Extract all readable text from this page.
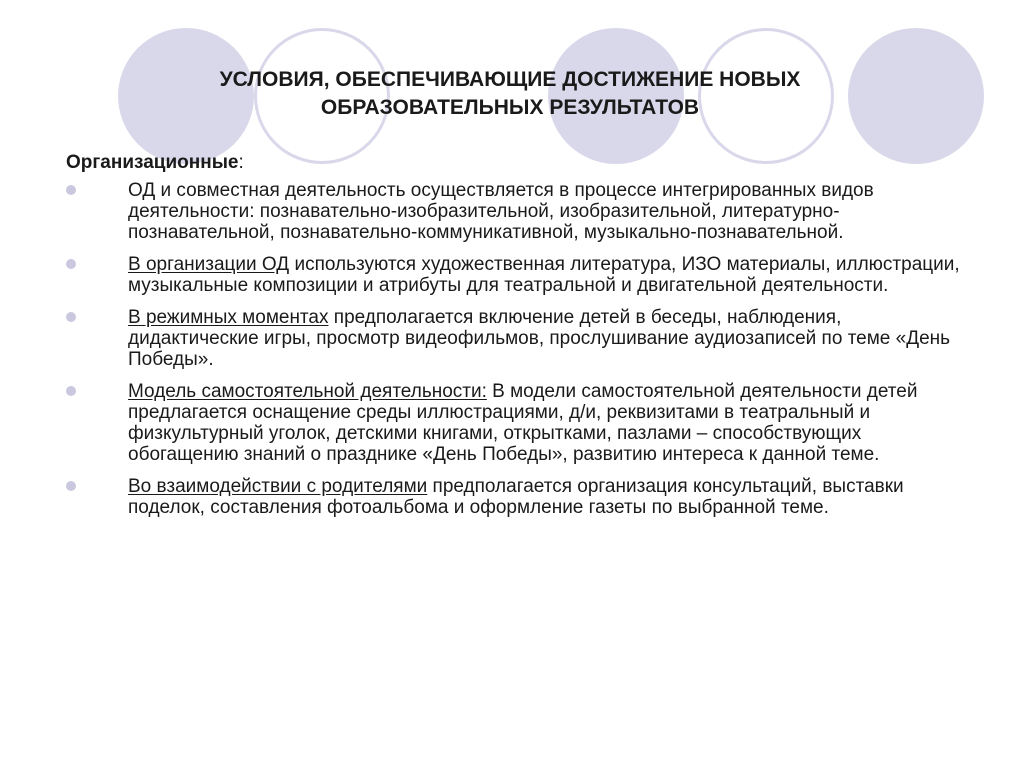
УСЛОВИЯ, ОБЕСПЕЧИВАЮЩИЕ ДОСТИЖЕНИЕ НОВЫХ
ОБРАЗОВАТЕЛЬНЫХ РЕЗУЛЬТАТОВ

Организационные:

ОД и совместная деятельность осуществляется в процессе интегрированных видов деятельности: познавательно-изобразительной, изобразительной, литературно-познавательной, познавательно-коммуникативной, музыкально-познавательной.
В организации ОД используются художественная литература, ИЗО материалы, иллюстрации, музыкальные композиции и атрибуты для театральной и двигательной деятельности.
В режимных моментах предполагается включение детей в беседы, наблюдения, дидактические игры, просмотр видеофильмов, прослушивание аудиозаписей по теме «День Победы».
Модель самостоятельной деятельности: В модели самостоятельной деятельности детей предлагается оснащение среды иллюстрациями, д/и, реквизитами в театральный и физкультурный уголок, детскими книгами, открытками, пазлами – способствующих обогащению знаний о празднике «День Победы», развитию интереса к данной теме.
Во взаимодействии с родителями предполагается организация консультаций, выставки поделок, составления фотоальбома и оформление газеты по выбранной теме.
